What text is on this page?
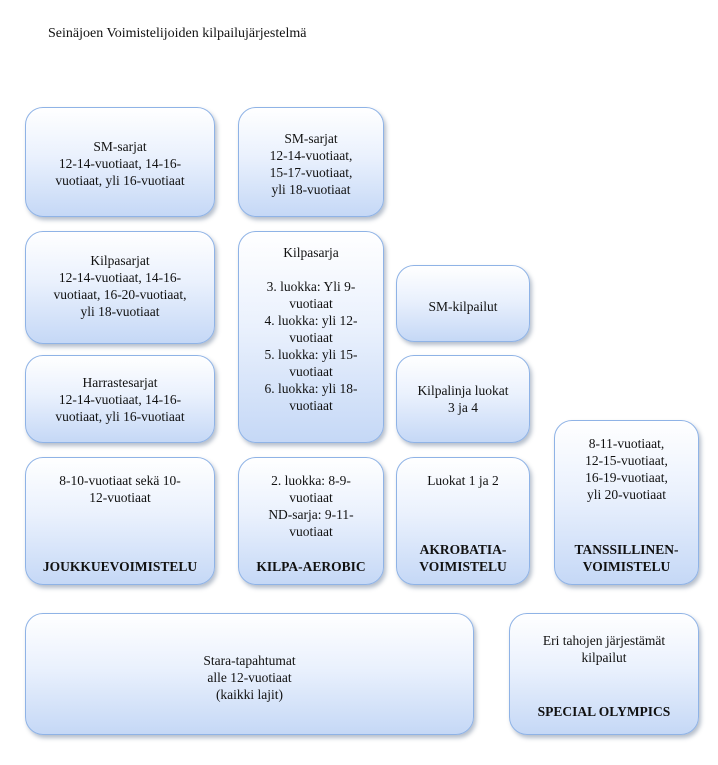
Seinäjoen Voimistelijoiden kilpailujärjestelmä
SM-sarjat
12-14-vuotiaat, 14-16-
vuotiaat, yli 16-vuotiaat
Kilpasarjat
12-14-vuotiaat, 14-16-
vuotiaat, 16-20-vuotiaat,
yli 18-vuotiaat
Harrastesarjat
12-14-vuotiaat, 14-16-
vuotiaat, yli 16-vuotiaat
8-10-vuotiaat sekä 10-
12-vuotiaat
JOUKKUEVOIMISTELU
SM-sarjat
12-14-vuotiaat,
15-17-vuotiaat,
yli 18-vuotiaat
Kilpasarja

3. luokka: Yli 9-
vuotiaat
4. luokka: yli 12-
vuotiaat
5. luokka: yli 15-
vuotiaat
6. luokka: yli 18-
vuotiaat
2. luokka: 8-9-
vuotiaat
ND-sarja: 9-11-
vuotiaat
KILPA-AEROBIC
SM-kilpailut
Kilpalinja luokat
3 ja 4
Luokat 1 ja 2
AKROBATIA-
VOIMISTELU
8-11-vuotiaat,
12-15-vuotiaat,
16-19-vuotiaat,
yli 20-vuotiaat
TANSSILLINEN-
VOIMISTELU
Stara-tapahtumat
alle 12-vuotiaat
(kaikki lajit)
Eri tahojen järjestämät
kilpailut
SPECIAL OLYMPICS
